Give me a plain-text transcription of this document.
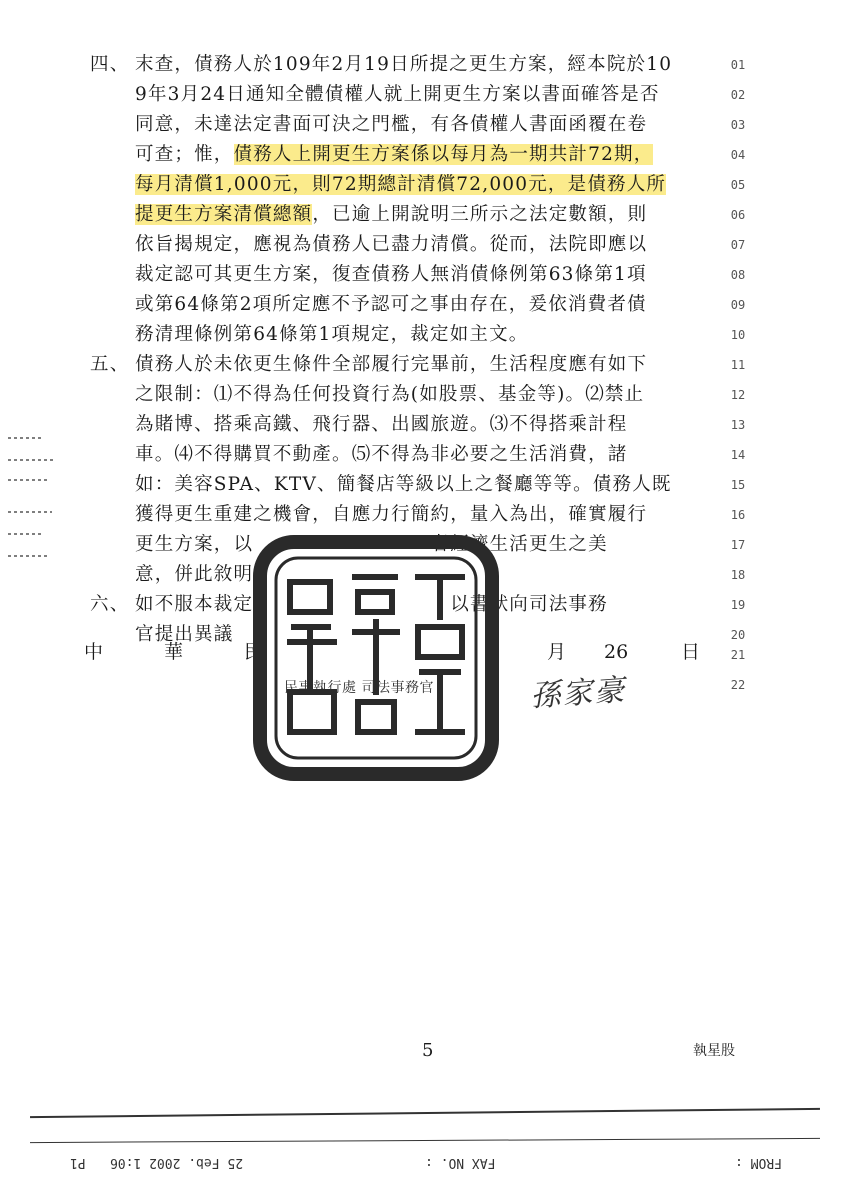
四、 末查，債務人於109年2月19日所提之更生方案，經本院於10
9年3月24日通知全體債權人就上開更生方案以書面確答是否
同意，未達法定書面可決之門檻，有各債權人書面函覆在卷
可查；惟，債務人上開更生方案係以每月為一期共計72期，
每月清償1,000元，則72期總計清償72,000元，是債務人所
提更生方案清償總額，已逾上開說明三所示之法定數額，則
依旨揭規定，應視為債務人已盡力清償。從而，法院即應以
裁定認可其更生方案，復查債務人無消債條例第63條第1項
或第64條第2項所定應不予認可之事由存在，爰依消費者債
務清理條例第64條第1項規定，裁定如主文。
五、 債務人於未依更生條件全部履行完畢前，生活程度應有如下
之限制：⑴不得為任何投資行為(如股票、基金等)。⑵禁止
為賭博、搭乘高鐵、飛行器、出國旅遊。⑶不得搭乘計程
車。⑷不得購買不動產。⑸不得為非必要之生活消費，諸
如：美容SPA、KTV、簡餐店等級以上之餐廳等等。債務人既
獲得更生重建之機會，自應力行簡約，量入為出，確實履行
更生方案，以　　　　　　　　　者經濟生活更生之美
意，併此敘明
六、 如不服本裁定　　　　　　　　　　以書狀向司法事務
官提出異議
01
02
03
04
05
06
07
08
09
10
11
12
13
14
15
16
17
18
19
20
21
22
中	華	民	月 26	日
民事執行處 司法事務官	孫家豪
5	執星股
FROM :
FAX NO. :
25 Feb. 2002 1:06
P1
